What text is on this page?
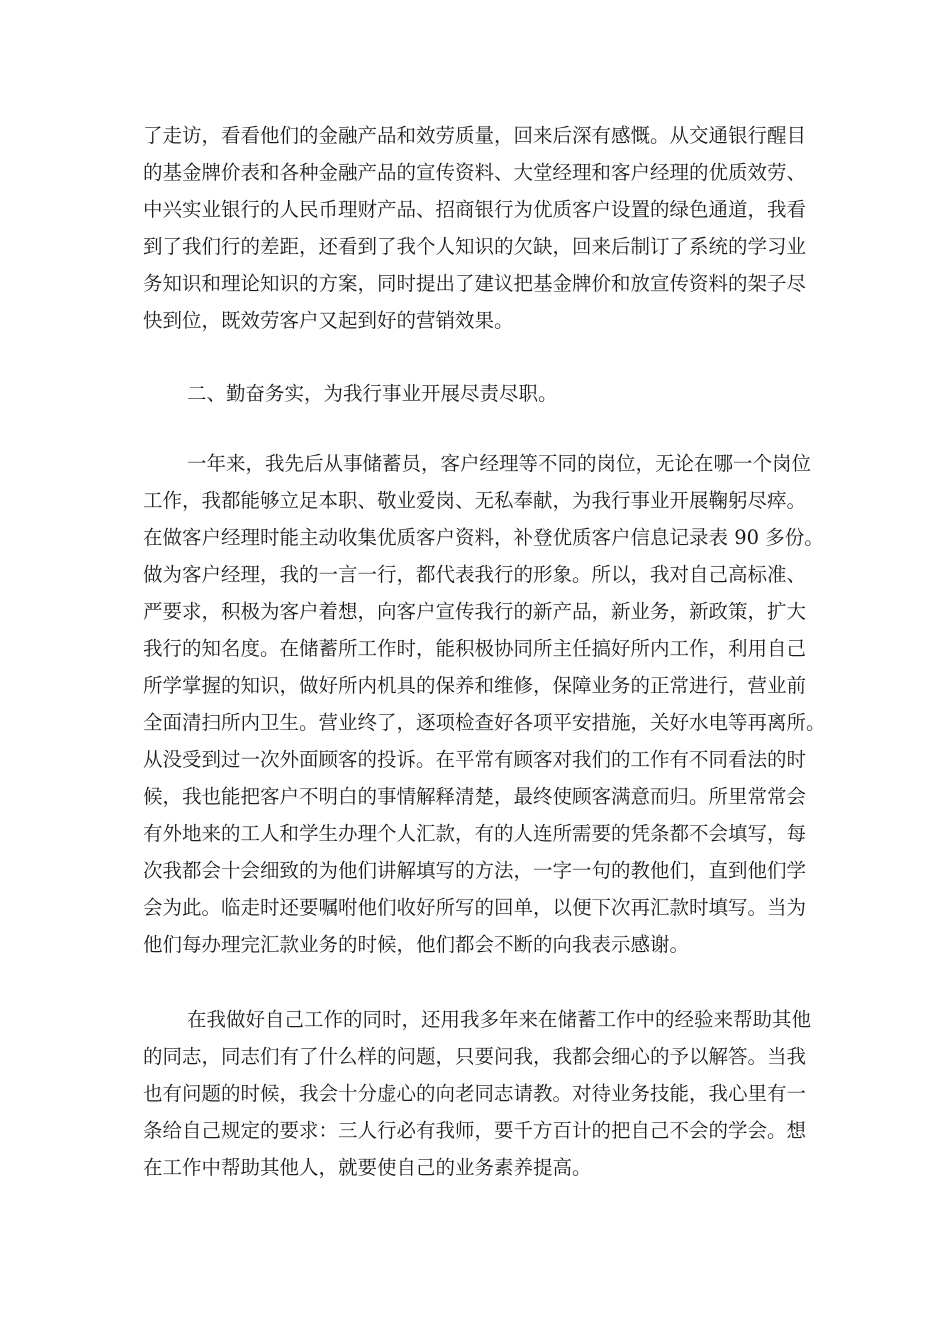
了走访，看看他们的金融产品和效劳质量，回来后深有感慨。从交通银行醒目
的基金牌价表和各种金融产品的宣传资料、大堂经理和客户经理的优质效劳、
中兴实业银行的人民币理财产品、招商银行为优质客户设置的绿色通道，我看
到了我们行的差距，还看到了我个人知识的欠缺，回来后制订了系统的学习业
务知识和理论知识的方案，同时提出了建议把基金牌价和放宣传资料的架子尽
快到位，既效劳客户又起到好的营销效果。
二、勤奋务实，为我行事业开展尽责尽职。
一年来，我先后从事储蓄员，客户经理等不同的岗位，无论在哪一个岗位
工作，我都能够立足本职、敬业爱岗、无私奉献，为我行事业开展鞠躬尽瘁。
在做客户经理时能主动收集优质客户资料，补登优质客户信息记录表 90 多份。
做为客户经理，我的一言一行，都代表我行的形象。所以，我对自己高标准、
严要求，积极为客户着想，向客户宣传我行的新产品，新业务，新政策，扩大
我行的知名度。在储蓄所工作时，能积极协同所主任搞好所内工作，利用自己
所学掌握的知识，做好所内机具的保养和维修，保障业务的正常进行，营业前
全面清扫所内卫生。营业终了，逐项检查好各项平安措施，关好水电等再离所。
从没受到过一次外面顾客的投诉。在平常有顾客对我们的工作有不同看法的时
候，我也能把客户不明白的事情解释清楚，最终使顾客满意而归。所里常常会
有外地来的工人和学生办理个人汇款，有的人连所需要的凭条都不会填写，每
次我都会十会细致的为他们讲解填写的方法，一字一句的教他们，直到他们学
会为此。临走时还要嘱咐他们收好所写的回单，以便下次再汇款时填写。当为
他们每办理完汇款业务的时候，他们都会不断的向我表示感谢。
在我做好自己工作的同时，还用我多年来在储蓄工作中的经验来帮助其他
的同志，同志们有了什么样的问题，只要问我，我都会细心的予以解答。当我
也有问题的时候，我会十分虚心的向老同志请教。对待业务技能，我心里有一
条给自己规定的要求：三人行必有我师，要千方百计的把自己不会的学会。想
在工作中帮助其他人，就要使自己的业务素养提高。
